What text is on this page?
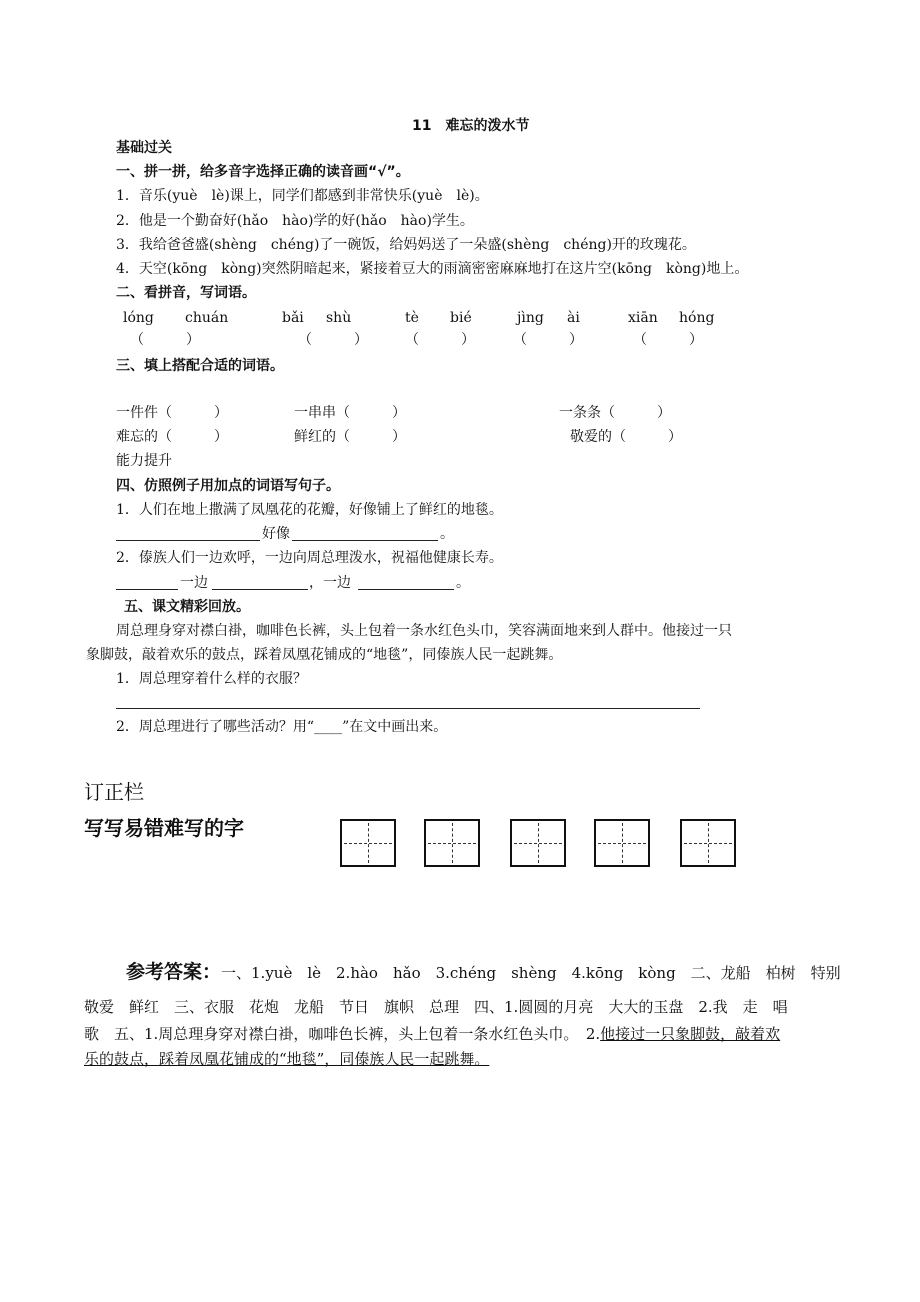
11　难忘的泼水节
基础过关
一、拼一拼，给多音字选择正确的读音画“√”。
1．音乐(yuè　lè)课上，同学们都感到非常快乐(yuè　lè)。
2．他是一个勤奋好(hǎo　hào)学的好(hǎo　hào)学生。
3．我给爸爸盛(shèng　chéng)了一碗饭，给妈妈送了一朵盛(shèng　chéng)开的玫瑰花。
4．天空(kōng　kòng)突然阴暗起来，紧接着豆大的雨滴密密麻麻地打在这片空(kōng　kòng)地上。
二、看拼音，写词语。
lóng chuán	bǎi shù	tè bié	jìng ài	xiān hóng
（　　　）	（　　　）	（　　　）	（　　　）	（　　　）
三、填上搭配合适的词语。
一件件（　　　）	一串串（　　　）	一条条（　　　）
难忘的（　　　）	鲜红的（　　　）	敬爱的（　　　）
能力提升
四、仿照例子用加点的词语写句子。
1．人们在地上撒满了凤凰花的花瓣，好像铺上了鲜红的地毯。
好像	。
2．傣族人们一边欢呼，一边向周总理泼水，祝福他健康长寿。
一边	，一边	。
五、课文精彩回放。
周总理身穿对襟白褂，咖啡色长裤，头上包着一条水红色头巾，笑容满面地来到人群中。他接过一只
象脚鼓，敲着欢乐的鼓点，踩着凤凰花铺成的“地毯”，同傣族人民一起跳舞。
1．周总理穿着什么样的衣服？
2．周总理进行了哪些活动？用“____”在文中画出来。
订正栏
写写易错难写的字
参考答案：一、1.yuè　lè　2.hào　hǎo　3.chéng　shèng　4.kōng　kòng　二、龙船　柏树　特别
敬爱　鲜红　三、衣服　花炮　龙船　节日　旗帜　总理　四、1.圆圆的月亮　大大的玉盘　2.我　走　唱
歌　五、1.周总理身穿对襟白褂，咖啡色长裤，头上包着一条水红色头巾。　2.他接过一只象脚鼓，敲着欢
乐的鼓点，踩着凤凰花铺成的“地毯”，同傣族人民一起跳舞。
